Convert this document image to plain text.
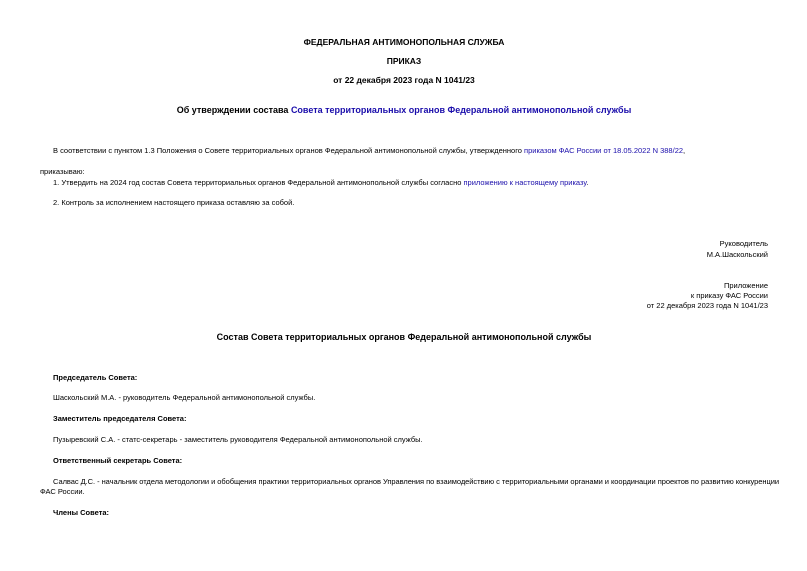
ФЕДЕРАЛЬНАЯ АНТИМОНОПОЛЬНАЯ СЛУЖБА
ПРИКАЗ
от 22 декабря 2023 года N 1041/23
Об утверждении состава Совета территориальных органов Федеральной антимонопольной службы
В соответствии с пунктом 1.3 Положения о Совете территориальных органов Федеральной антимонопольной службы, утвержденного приказом ФАС России от 18.05.2022 N 388/22,
приказываю:
1. Утвердить на 2024 год состав Совета территориальных органов Федеральной антимонопольной службы согласно приложению к настоящему приказу.
2. Контроль за исполнением настоящего приказа оставляю за собой.
Руководитель
М.А.Шаскольский
Приложение
к приказу ФАС России
от 22 декабря 2023 года N 1041/23
Состав Совета территориальных органов Федеральной антимонопольной службы
Председатель Совета:
Шаскольский М.А. - руководитель Федеральной антимонопольной службы.
Заместитель председателя Совета:
Пузыревский С.А. - статс-секретарь - заместитель руководителя Федеральной антимонопольной службы.
Ответственный секретарь Совета:
Салвас Д.С. - начальник отдела методологии и обобщения практики территориальных органов Управления по взаимодействию с территориальными органами и координации проектов по развитию конкуренции
ФАС России.
Члены Совета:
